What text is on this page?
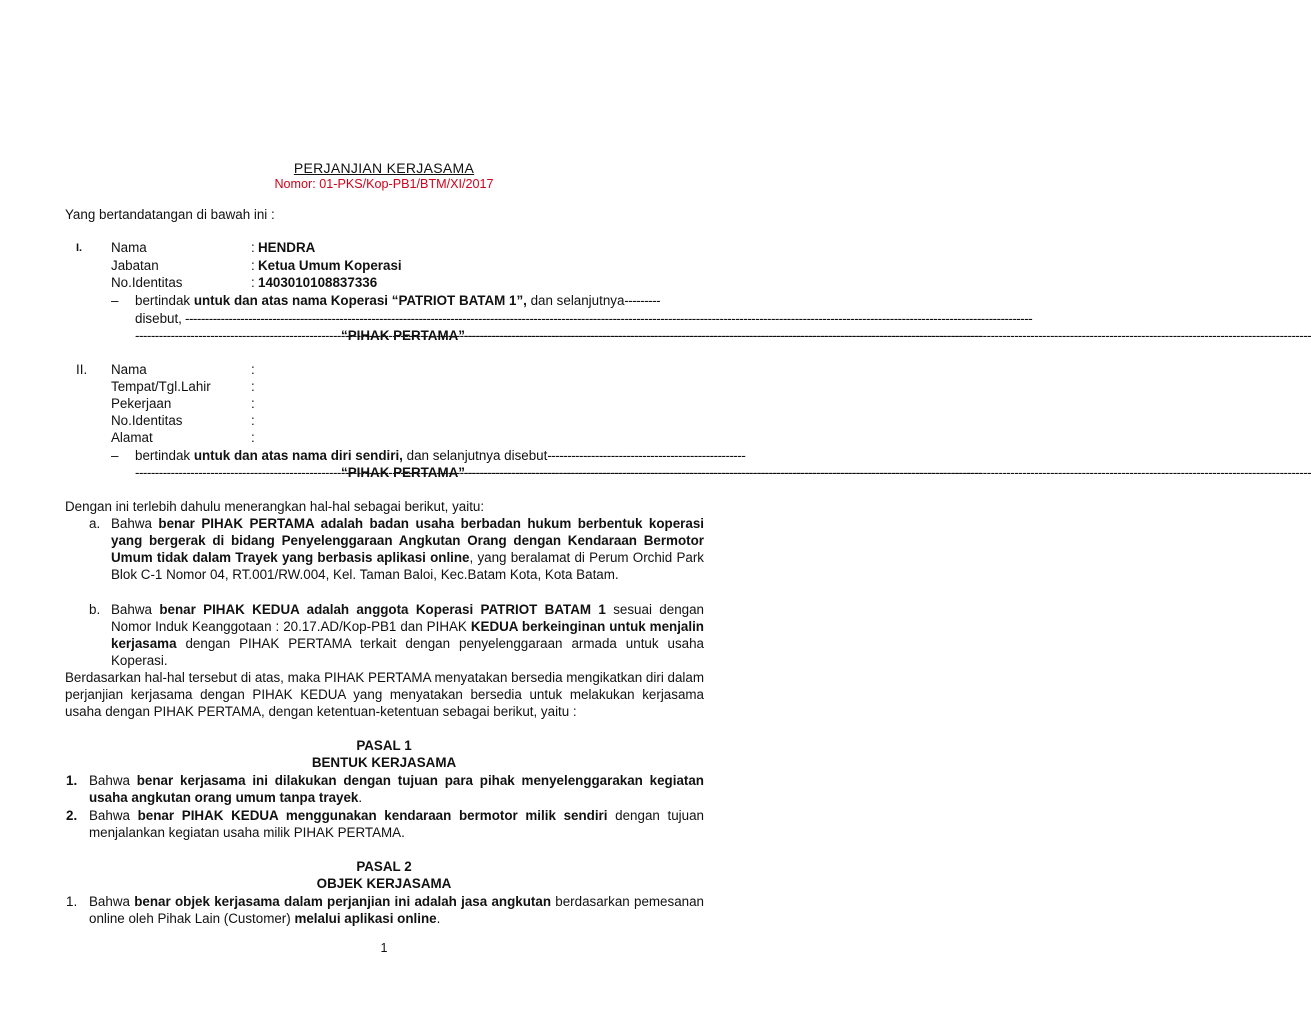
PERJANJIAN KERJASAMA
Nomor: 01-PKS/Kop-PB1/BTM/XI/2017
Yang bertandatangan di bawah ini :
I. Nama	: HENDRA
Jabatan	: Ketua Umum Koperasi
No.Identitas	: 1403010108837336
– bertindak untuk dan atas nama Koperasi “PATRIOT BATAM 1”, dan selanjutnya---------
disebut,
-----
-----
“PIHAK PERTAMA”
-----
II. Nama	:
Tempat/Tgl.Lahir	:
Pekerjaan	:
No.Identitas	:
Alamat	:
– bertindak untuk dan atas nama diri sendiri, dan selanjutnya disebut--------------------------------------------------
-----
“PIHAK PERTAMA”
-----
Dengan ini terlebih dahulu menerangkan hal-hal sebagai berikut, yaitu:
a. Bahwa benar PIHAK PERTAMA adalah badan usaha berbadan hukum berbentuk koperasi yang bergerak di bidang Penyelenggaraan Angkutan Orang dengan Kendaraan Bermotor Umum tidak dalam Trayek yang berbasis aplikasi online, yang beralamat di Perum Orchid Park Blok C-1 Nomor 04, RT.001/RW.004, Kel. Taman Baloi, Kec.Batam Kota, Kota Batam.
b. Bahwa benar PIHAK KEDUA adalah anggota Koperasi PATRIOT BATAM 1 sesuai dengan Nomor Induk Keanggotaan : 20.17.AD/Kop-PB1 dan PIHAK KEDUA berkeinginan untuk menjalin kerjasama dengan PIHAK PERTAMA terkait dengan penyelenggaraan armada untuk usaha Koperasi.
Berdasarkan hal-hal tersebut di atas, maka PIHAK PERTAMA menyatakan bersedia mengikatkan diri dalam perjanjian kerjasama dengan PIHAK KEDUA yang menyatakan bersedia untuk melakukan kerjasama usaha dengan PIHAK PERTAMA, dengan ketentuan-ketentuan sebagai berikut, yaitu :
PASAL 1
BENTUK KERJASAMA
1. Bahwa benar kerjasama ini dilakukan dengan tujuan para pihak menyelenggarakan kegiatan usaha angkutan orang umum tanpa trayek.
2. Bahwa benar PIHAK KEDUA menggunakan kendaraan bermotor milik sendiri dengan tujuan menjalankan kegiatan usaha milik PIHAK PERTAMA.
PASAL 2
OBJEK KERJASAMA
1. Bahwa benar objek kerjasama dalam perjanjian ini adalah jasa angkutan berdasarkan pemesanan online oleh Pihak Lain (Customer) melalui aplikasi online.
1
